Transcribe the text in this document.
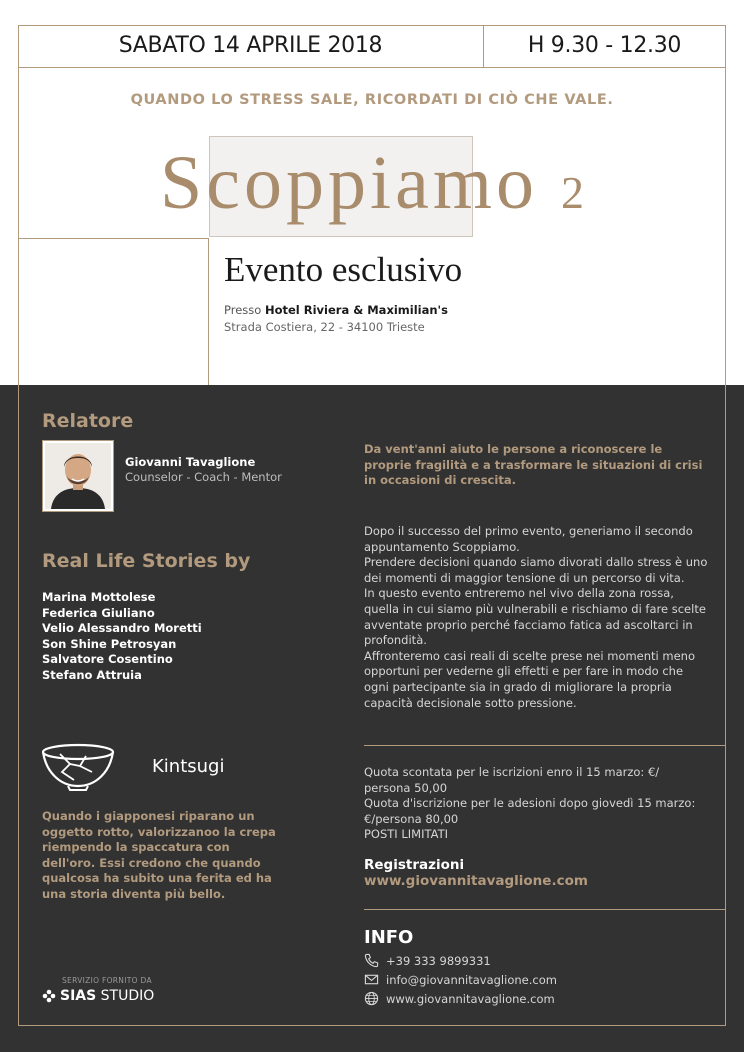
SABATO 14 APRILE 2018	H 9.30 - 12.30
QUANDO LO STRESS SALE, RICORDATI DI CIÒ CHE VALE.
Scoppiamo 2
Evento esclusivo
Presso Hotel Riviera & Maximilian's
Strada Costiera, 22 - 34100 Trieste
Relatore
Giovanni Tavaglione
Counselor - Coach - Mentor
Da vent'anni aiuto le persone a riconoscere le proprie fragilità e a trasformare le situazioni di crisi in occasioni di crescita.
Real Life Stories by
Marina Mottolese
Federica Giuliano
Velio Alessandro Moretti
Son Shine Petrosyan
Salvatore Cosentino
Stefano Attruia

Dopo il successo del primo evento, generiamo il secondo appuntamento Scoppiamo.

Prendere decisioni quando siamo divorati dallo stress è uno dei momenti di maggior tensione di un percorso di vita.

In questo evento entreremo nel vivo della zona rossa, quella in cui siamo più vulnerabili e rischiamo di fare scelte avventate proprio perché facciamo fatica ad ascoltarci in profondità.

Affronteremo casi reali di scelte prese nei momenti meno opportuni per vederne gli effetti e per fare in modo che ogni partecipante sia in grado di migliorare la propria capacità decisionale sotto pressione.

Kintsugi
Quando i giapponesi riparano un oggetto rotto, valorizzanoo la crepa riempendo la spaccatura con dell'oro. Essi credono che quando qualcosa ha subito una ferita ed ha una storia diventa più bello.
Quota scontata per le iscrizioni enro il 15 marzo: €/ persona 50,00
Quota d'iscrizione per le adesioni dopo giovedì 15 marzo: €/persona 80,00
POSTI LIMITATI
Registrazioni
www.giovannitavaglione.com
INFO
+39 333 9899331
info@giovannitavaglione.com
www.giovannitavaglione.com
SERVIZIO FORNITO DA
SIAS
STUDIO
